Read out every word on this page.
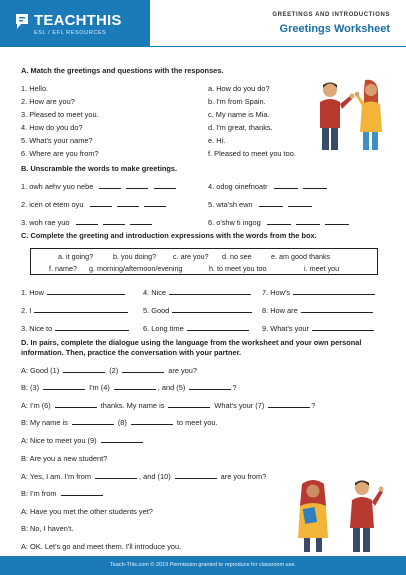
TEACHTHIS
ESL / EFL RESOURCES
GREETINGS AND INTRODUCTIONS
Greetings Worksheet
A. Match the greetings and questions with the responses.
1. Hello.
2. How are you?
3. Pleased to meet you.
4. How do you do?
5. What's your name?
6. Where are you from?
a. How do you do?
b. I'm from Spain.
c. My name is Mia.
d. I'm great, thanks.
e. Hi.
f. Pleased to meet you too.
B. Unscramble the words to make greetings.
1. owh aehv yuo nebe	4. odog oinefnoatr
2. icen ot etem oyu	5. wta'sh ewn
3. woh rae yuo	6. o'shw ti ingog
C. Complete the greeting and introduction expressions with the words from the box.
a. it going?	b. you doing? c. are you? d. no see	e. am good thanks
f. name? g. morning/afternoon/evening	h. to meet you too	i. meet you
1. How	4. Nice	7. How's
2. I	5. Good	8. How are
3. Nice to	6. Long time	9. What's your
D. In pairs, complete the dialogue using the language from the worksheet and your own personal information. Then, practice the conversation with your partner.
A: Good (1)	(2)	are you?
B: (3)	I'm (4)	, and (5)	?
A: I'm (6)	thanks. My name is	What's your (7)	?
B: My name is	(8)	to meet you.
A: Nice to meet you (9)
B: Are you a new student?
A: Yes, I am. I'm from	, and (10)	are you from?
B: I'm from
A: Have you met the other students yet?
B: No, I haven't.
A: OK. Let's go and meet them. I'll introduce you.
Teach-This.com © 2019 Permission granted to reproduce for classroom use.
